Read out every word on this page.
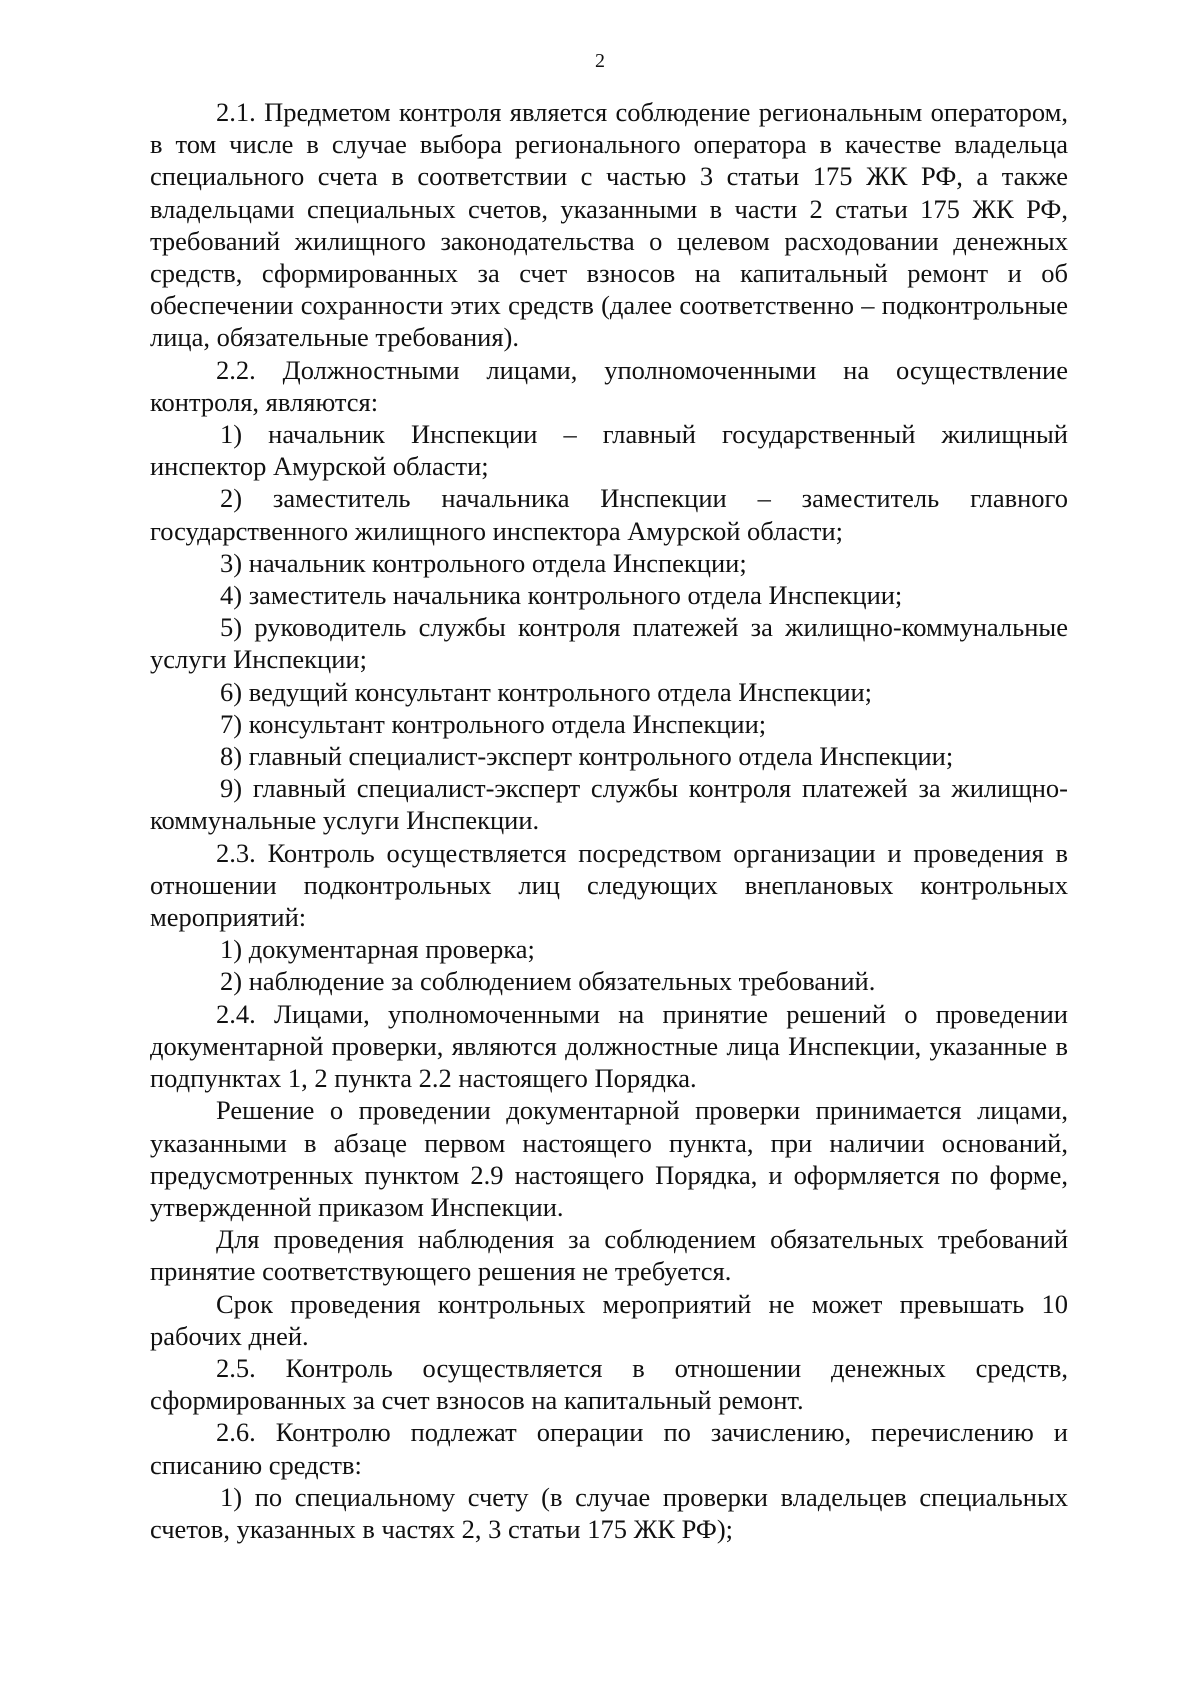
2

2.1. Предметом контроля является соблюдение региональным оператором, в том числе в случае выбора регионального оператора в качестве владельца специального счета в соответствии с частью 3 статьи 175 ЖК РФ, а также владельцами специальных счетов, указанными в части 2 статьи 175 ЖК РФ, требований жилищного законодательства о целевом расходовании денежных средств, сформированных за счет взносов на капитальный ремонт и об обеспечении сохранности этих средств (далее соответственно – подконтрольные лица, обязательные требования).

2.2. Должностными лицами, уполномоченными на осуществление контроля, являются:

1) начальник Инспекции – главный государственный жилищный инспектор Амурской области;

2) заместитель начальника Инспекции – заместитель главного государственного жилищного инспектора Амурской области;

3) начальник контрольного отдела Инспекции;

4) заместитель начальника контрольного отдела Инспекции;

5) руководитель службы контроля платежей за жилищно-коммунальные услуги Инспекции;

6) ведущий консультант контрольного отдела Инспекции;

7) консультант контрольного отдела Инспекции;

8) главный специалист-эксперт контрольного отдела Инспекции;

9) главный специалист-эксперт службы контроля платежей за жилищно-коммунальные услуги Инспекции.

2.3. Контроль осуществляется посредством организации и проведения в отношении подконтрольных лиц следующих внеплановых контрольных мероприятий:

1) документарная проверка;

2) наблюдение за соблюдением обязательных требований.

2.4. Лицами, уполномоченными на принятие решений о проведении документарной проверки, являются должностные лица Инспекции, указанные в подпунктах 1, 2 пункта 2.2 настоящего Порядка.

Решение о проведении документарной проверки принимается лицами, указанными в абзаце первом настоящего пункта, при наличии оснований, предусмотренных пунктом 2.9 настоящего Порядка, и оформляется по форме, утвержденной приказом Инспекции.

Для проведения наблюдения за соблюдением обязательных требований принятие соответствующего решения не требуется.

Срок проведения контрольных мероприятий не может превышать 10 рабочих дней.

2.5. Контроль осуществляется в отношении денежных средств, сформированных за счет взносов на капитальный ремонт.

2.6. Контролю подлежат операции по зачислению, перечислению и списанию средств:

1) по специальному счету (в случае проверки владельцев специальных счетов, указанных в частях 2, 3 статьи 175 ЖК РФ);
